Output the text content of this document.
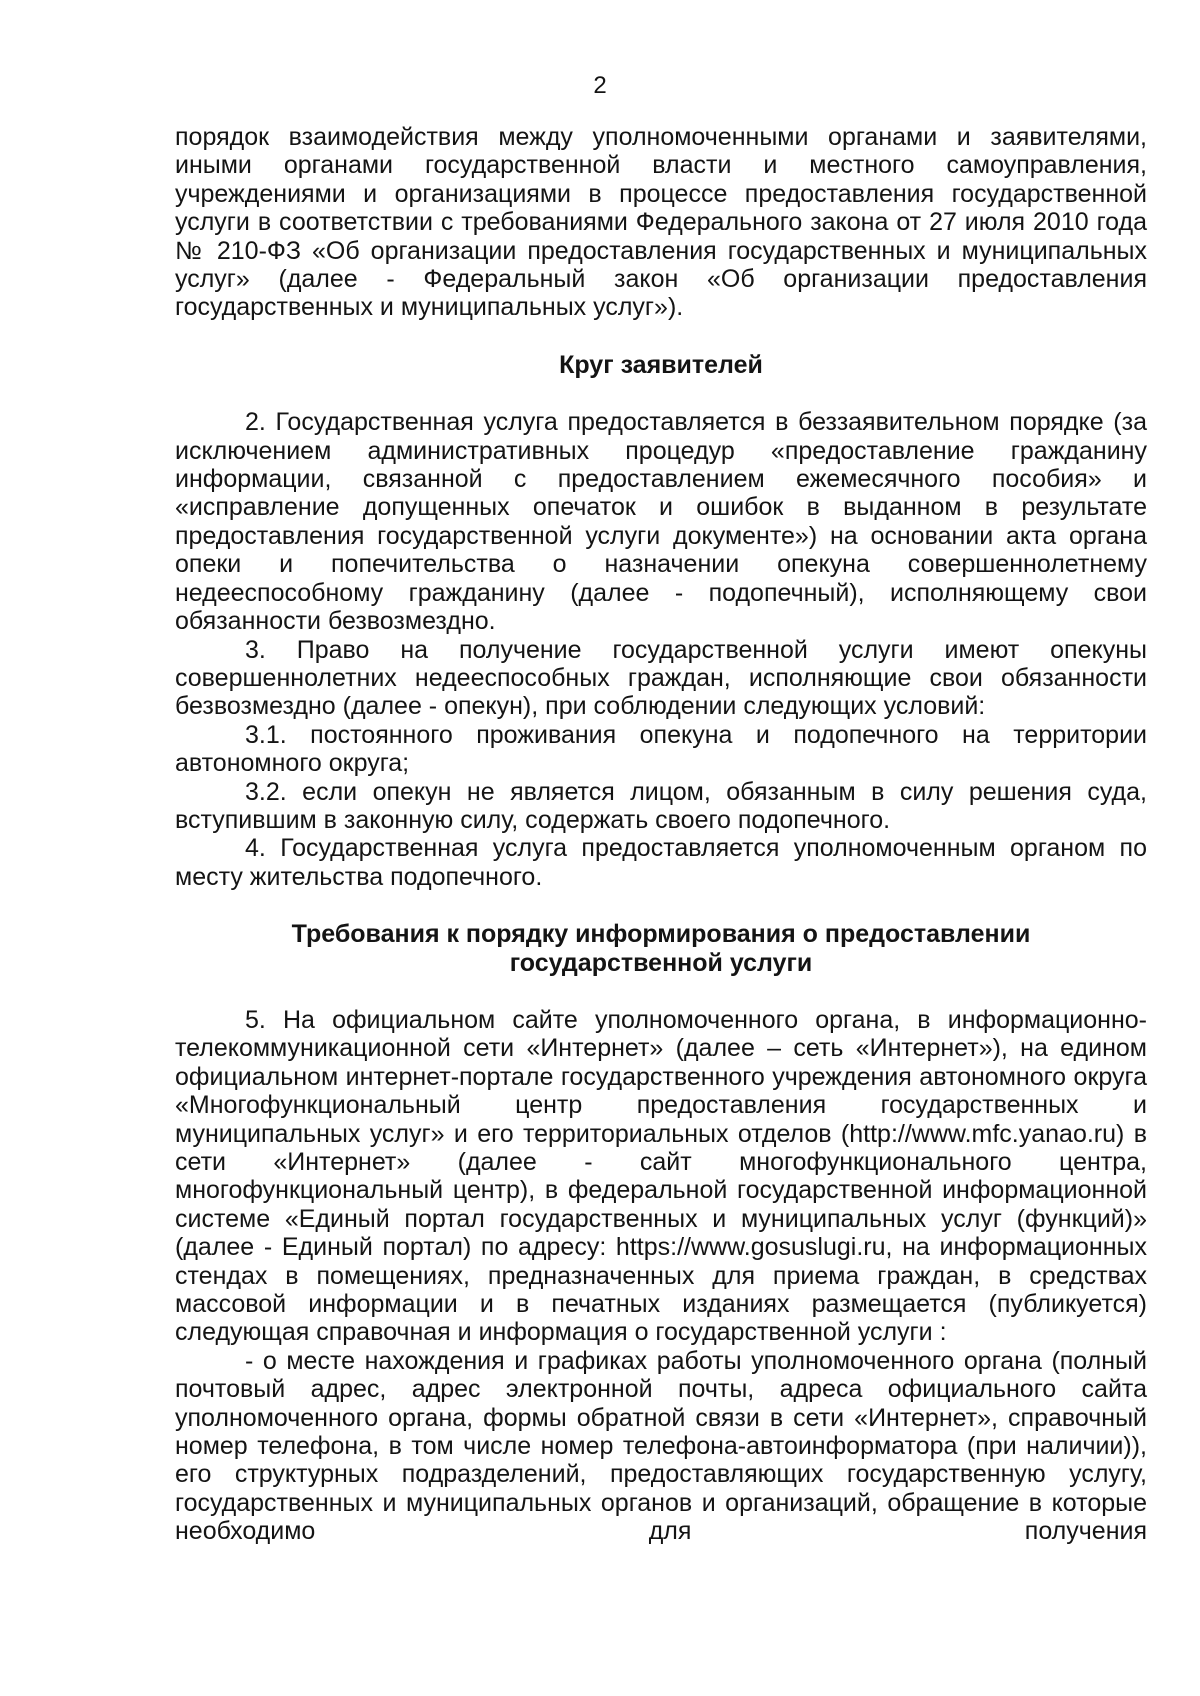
2

порядок взаимодействия между уполномоченными органами и заявителями, иными органами государственной власти и местного самоуправления, учреждениями и организациями в процессе предоставления государственной услуги в соответствии с требованиями Федерального закона от 27 июля 2010 года № 210-ФЗ «Об организации предоставления государственных и муниципальных услуг» (далее - Федеральный закон «Об организации предоставления государственных и муниципальных услуг»).

Круг заявителей

2. Государственная услуга предоставляется в беззаявительном порядке (за исключением административных процедур «предоставление гражданину информации, связанной с предоставлением ежемесячного пособия» и «исправление допущенных опечаток и ошибок в выданном в результате предоставления государственной услуги документе») на основании акта органа опеки и попечительства о назначении опекуна совершеннолетнему недееспособному гражданину (далее - подопечный), исполняющему свои обязанности безвозмездно.

3. Право на получение государственной услуги имеют опекуны совершеннолетних недееспособных граждан, исполняющие свои обязанности безвозмездно (далее - опекун), при соблюдении следующих условий:

3.1. постоянного проживания опекуна и подопечного на территории автономного округа;

3.2. если опекун не является лицом, обязанным в силу решения суда, вступившим в законную силу, содержать своего подопечного.

4. Государственная услуга предоставляется уполномоченным органом по месту жительства подопечного.

Требования к порядку информирования о предоставлении
государственной услуги

5. На официальном сайте уполномоченного органа, в информационно-телекоммуникационной сети «Интернет» (далее – сеть «Интернет»), на едином официальном интернет-портале государственного учреждения автономного округа «Многофункциональный центр предоставления государственных и муниципальных услуг» и его территориальных отделов (http://www.mfc.yanao.ru) в сети «Интернет» (далее - сайт многофункционального центра, многофункциональный центр), в федеральной государственной информационной системе «Единый портал государственных и муниципальных услуг (функций)» (далее - Единый портал) по адресу: https://www.gosuslugi.ru, на информационных стендах в помещениях, предназначенных для приема граждан, в средствах массовой информации и в печатных изданиях размещается (публикуется) следующая справочная и информация о государственной услуги :

- о месте нахождения и графиках работы уполномоченного органа (полный почтовый адрес, адрес электронной почты, адреса официального сайта уполномоченного органа, формы обратной связи в сети «Интернет», справочный номер телефона, в том числе номер телефона-автоинформатора (при наличии)), его структурных подразделений, предоставляющих государственную услугу, государственных и муниципальных органов и организаций, обращение в которые необходимо для получения
